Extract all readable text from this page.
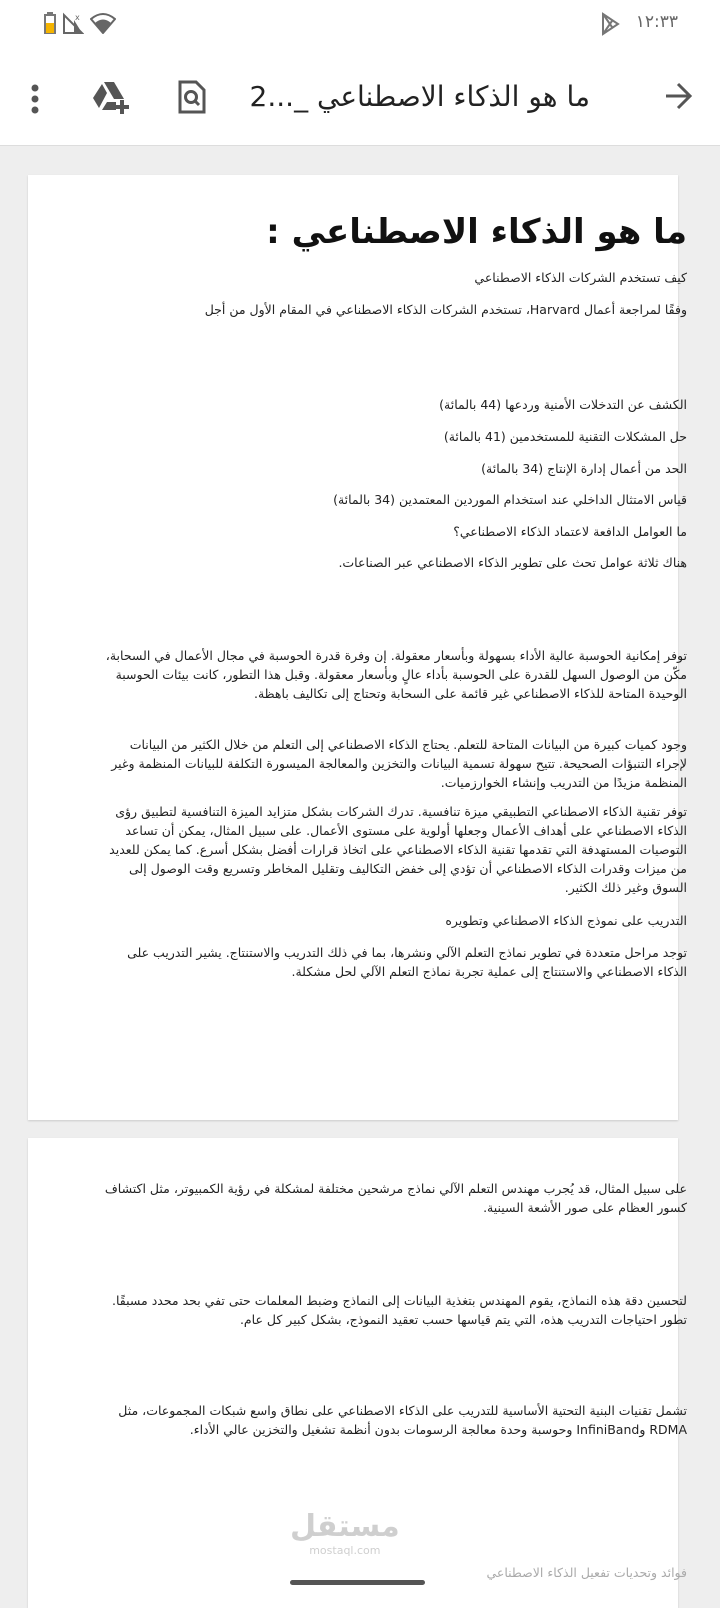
x	١٢:٣٣
ما هو الذكاء الاصطناعي _...2
ما هو الذكاء الاصطناعي :

كيف تستخدم الشركات الذكاء الاصطناعي

وفقًا لمراجعة أعمال Harvard، تستخدم الشركات الذكاء الاصطناعي في المقام الأول من أجل

الكشف عن التدخلات الأمنية وردعها (44 بالمائة)

حل المشكلات التقنية للمستخدمين (41 بالمائة)

الحد من أعمال إدارة الإنتاج (34 بالمائة)

قياس الامتثال الداخلي عند استخدام الموردين المعتمدين (34 بالمائة)

ما العوامل الدافعة لاعتماد الذكاء الاصطناعي؟

هناك ثلاثة عوامل تحث على تطوير الذكاء الاصطناعي عبر الصناعات.

توفر إمكانية الحوسبة عالية الأداء بسهولة وبأسعار معقولة. إن وفرة قدرة الحوسبة في مجال الأعمال في السحابة، مكّن من الوصول السهل للقدرة على الحوسبة بأداء عالٍ وبأسعار معقولة. وقبل هذا التطور، كانت بيئات الحوسبة الوحيدة المتاحة للذكاء الاصطناعي غير قائمة على السحابة وتحتاج إلى تكاليف باهظة.

وجود كميات كبيرة من البيانات المتاحة للتعلم. يحتاج الذكاء الاصطناعي إلى التعلم من خلال الكثير من البيانات لإجراء التنبؤات الصحيحة. تتيح سهولة تسمية البيانات والتخزين والمعالجة الميسورة التكلفة للبيانات المنظمة وغير المنظمة مزيدًا من التدريب وإنشاء الخوارزميات.

توفر تقنية الذكاء الاصطناعي التطبيقي ميزة تنافسية. تدرك الشركات بشكل متزايد الميزة التنافسية لتطبيق رؤى الذكاء الاصطناعي على أهداف الأعمال وجعلها أولوية على مستوى الأعمال. على سبيل المثال، يمكن أن تساعد التوصيات المستهدفة التي تقدمها تقنية الذكاء الاصطناعي على اتخاذ قرارات أفضل بشكل أسرع. كما يمكن للعديد من ميزات وقدرات الذكاء الاصطناعي أن تؤدي إلى خفض التكاليف وتقليل المخاطر وتسريع وقت الوصول إلى السوق وغير ذلك الكثير.

التدريب على نموذج الذكاء الاصطناعي وتطويره

توجد مراحل متعددة في تطوير نماذج التعلم الآلي ونشرها، بما في ذلك التدريب والاستنتاج. يشير التدريب على الذكاء الاصطناعي والاستنتاج إلى عملية تجربة نماذج التعلم الآلي لحل مشكلة.

على سبيل المثال، قد يُجرب مهندس التعلم الآلي نماذج مرشحين مختلفة لمشكلة في رؤية الكمبيوتر، مثل اكتشاف كسور العظام على صور الأشعة السينية.

لتحسين دقة هذه النماذج، يقوم المهندس بتغذية البيانات إلى النماذج وضبط المعلمات حتى تفي بحد محدد مسبقًا. تطور احتياجات التدريب هذه، التي يتم قياسها حسب تعقيد النموذج، بشكل كبير كل عام.

تشمل تقنيات البنية التحتية الأساسية للتدريب على الذكاء الاصطناعي على نطاق واسع شبكات المجموعات، مثل RDMA وInfiniBand وحوسبة وحدة معالجة الرسومات بدون أنظمة تشغيل والتخزين عالي الأداء.

فوائد وتحديات تفعيل الذكاء الاصطناعي

مستقل
mostaql.com
